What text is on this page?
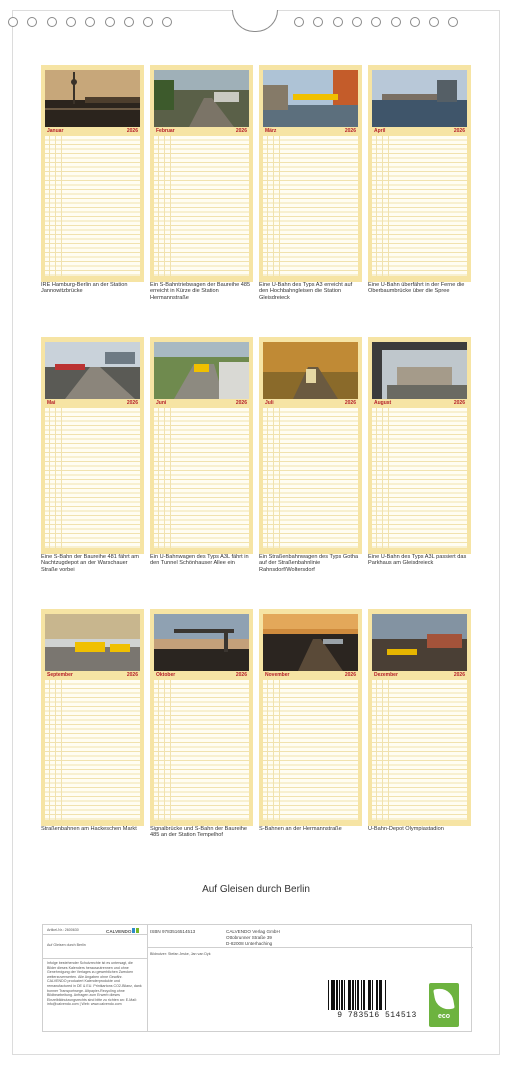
Januar	2026
IRE Hamburg-Berlin an der Station Jannowitzbrücke
Februar	2026
Ein S-Bahntriebwagen der Baureihe 485 erreicht in Kürze die Station Hermannstraße
März	2026
Eine U-Bahn des Typs A3 erreicht auf den Hochbahngleisen die Station Gleisdreieck
April	2026
Eine U-Bahn überfährt in der Ferne die Oberbaumbrücke über die Spree
Mai	2026
Eine S-Bahn der Baureihe 481 fährt am Nachtzugdepot an der Warschauer Straße vorbei
Juni	2026
Ein U-Bahnwagen des Typs A3L fährt in den Tunnel Schönhauser Allee ein
Juli	2026
Ein Straßenbahnwagen des Typs Gotha auf der Straßenbahnlinie Rahnsdorf/Woltersdorf
August	2026
Eine U-Bahn des Typs A3L passiert das Parkhaus am Gleisdreieck
September	2026
Straßenbahnen am Hackeschen Markt
Oktober	2026
Signalbrücke und S-Bahn der Baureihe 485 an der Station Tempelhof
November	2026
S-Bahnen an der Hermannstraße
Dezember	2026
U-Bahn-Depot Olympiastadion
Auf Gleisen durch Berlin
Artikel-Nr.: 2600630
Auf Gleisen durch Berlin
Infolge bestehender Schutzrechte ist es untersagt, die Bilder dieses Kalenders herauszutrennen und ohne Genehmigung der Verlages zu gewerblichen Zwecken weiterzuverwerten. Alle Angaben ohne Gewähr. CALVENDO produziert Kalenderprodukte und remanufactured in DE & EU. Printkartons CO2-Bilanz, dank bonner Transportwege. Altpapier-Recycling ohne Bildbearbeitung. Anfragen zum Erwerb dieses Einzelbildnutzungsrechts sind bitte zu richten an: E-Mail: info@calvendo.com | Web: www.calvendo.com
ISBN 9783516514513	CALVENDO Verlag GmbH
Ottobrunner Straße 39
D-82008 Unterhaching
Bildnutzer: Stefan Jeske, Jan van Dyk
CALVENDO
9 783516 514513	eco
